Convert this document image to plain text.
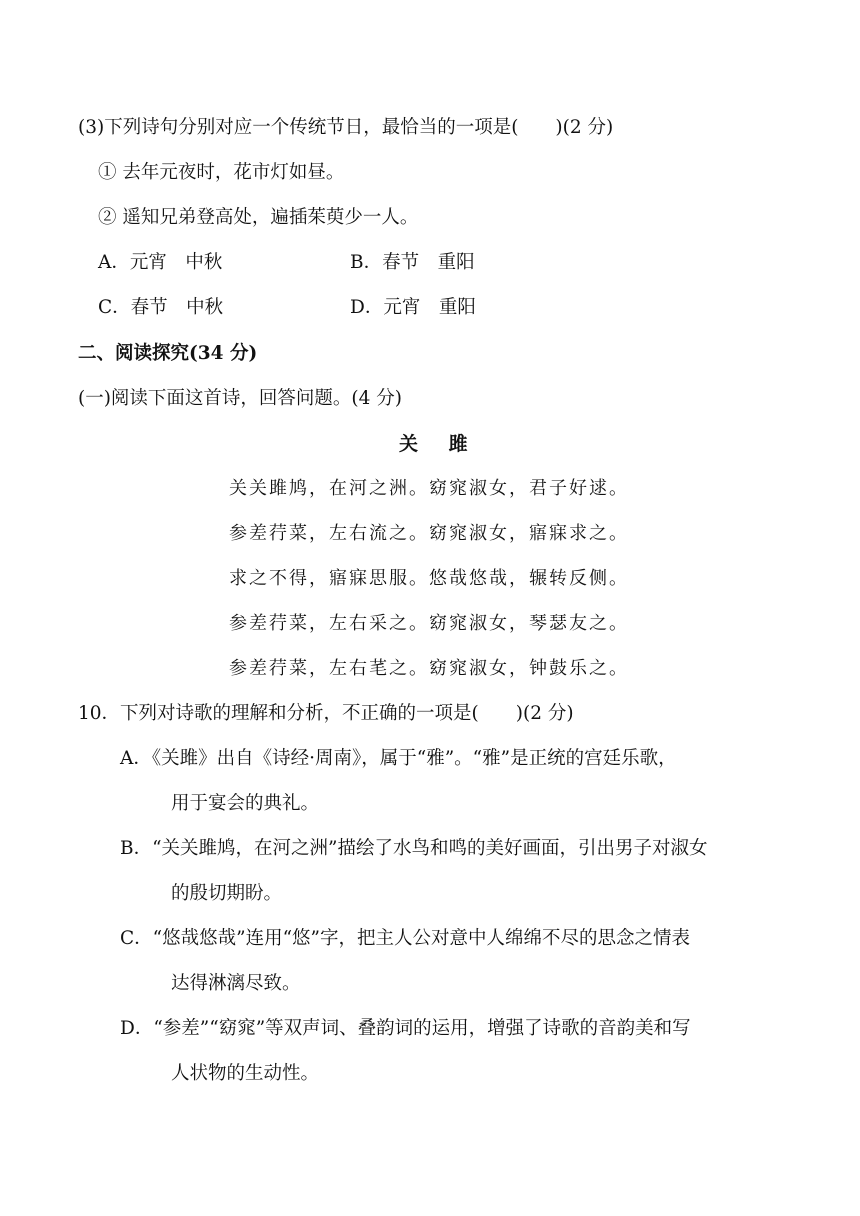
(3)下列诗句分别对应一个传统节日，最恰当的一项是(　　)(2 分)
① 去年元夜时，花市灯如昼。
② 遥知兄弟登高处，遍插茱萸少一人。
A．元宵　中秋	B．春节　重阳
C．春节　中秋	D．元宵　重阳
二、阅读探究(34 分)
(一)阅读下面这首诗，回答问题。(4 分)
关 雎
关关雎鸠，在河之洲。窈窕淑女，君子好逑。
参差荇菜，左右流之。窈窕淑女，寤寐求之。
求之不得，寤寐思服。悠哉悠哉，辗转反侧。
参差荇菜，左右采之。窈窕淑女，琴瑟友之。
参差荇菜，左右芼之。窈窕淑女，钟鼓乐之。
10．下列对诗歌的理解和分析，不正确的一项是(　　)(2 分)
A．《关雎》出自《诗经·周南》，属于“雅”。“雅”是正统的宫廷乐歌，
用于宴会的典礼。
B．“关关雎鸠，在河之洲”描绘了水鸟和鸣的美好画面，引出男子对淑女
的殷切期盼。
C．“悠哉悠哉”连用“悠”字，把主人公对意中人绵绵不尽的思念之情表
达得淋漓尽致。
D．“参差”“窈窕”等双声词、叠韵词的运用，增强了诗歌的音韵美和写
人状物的生动性。
